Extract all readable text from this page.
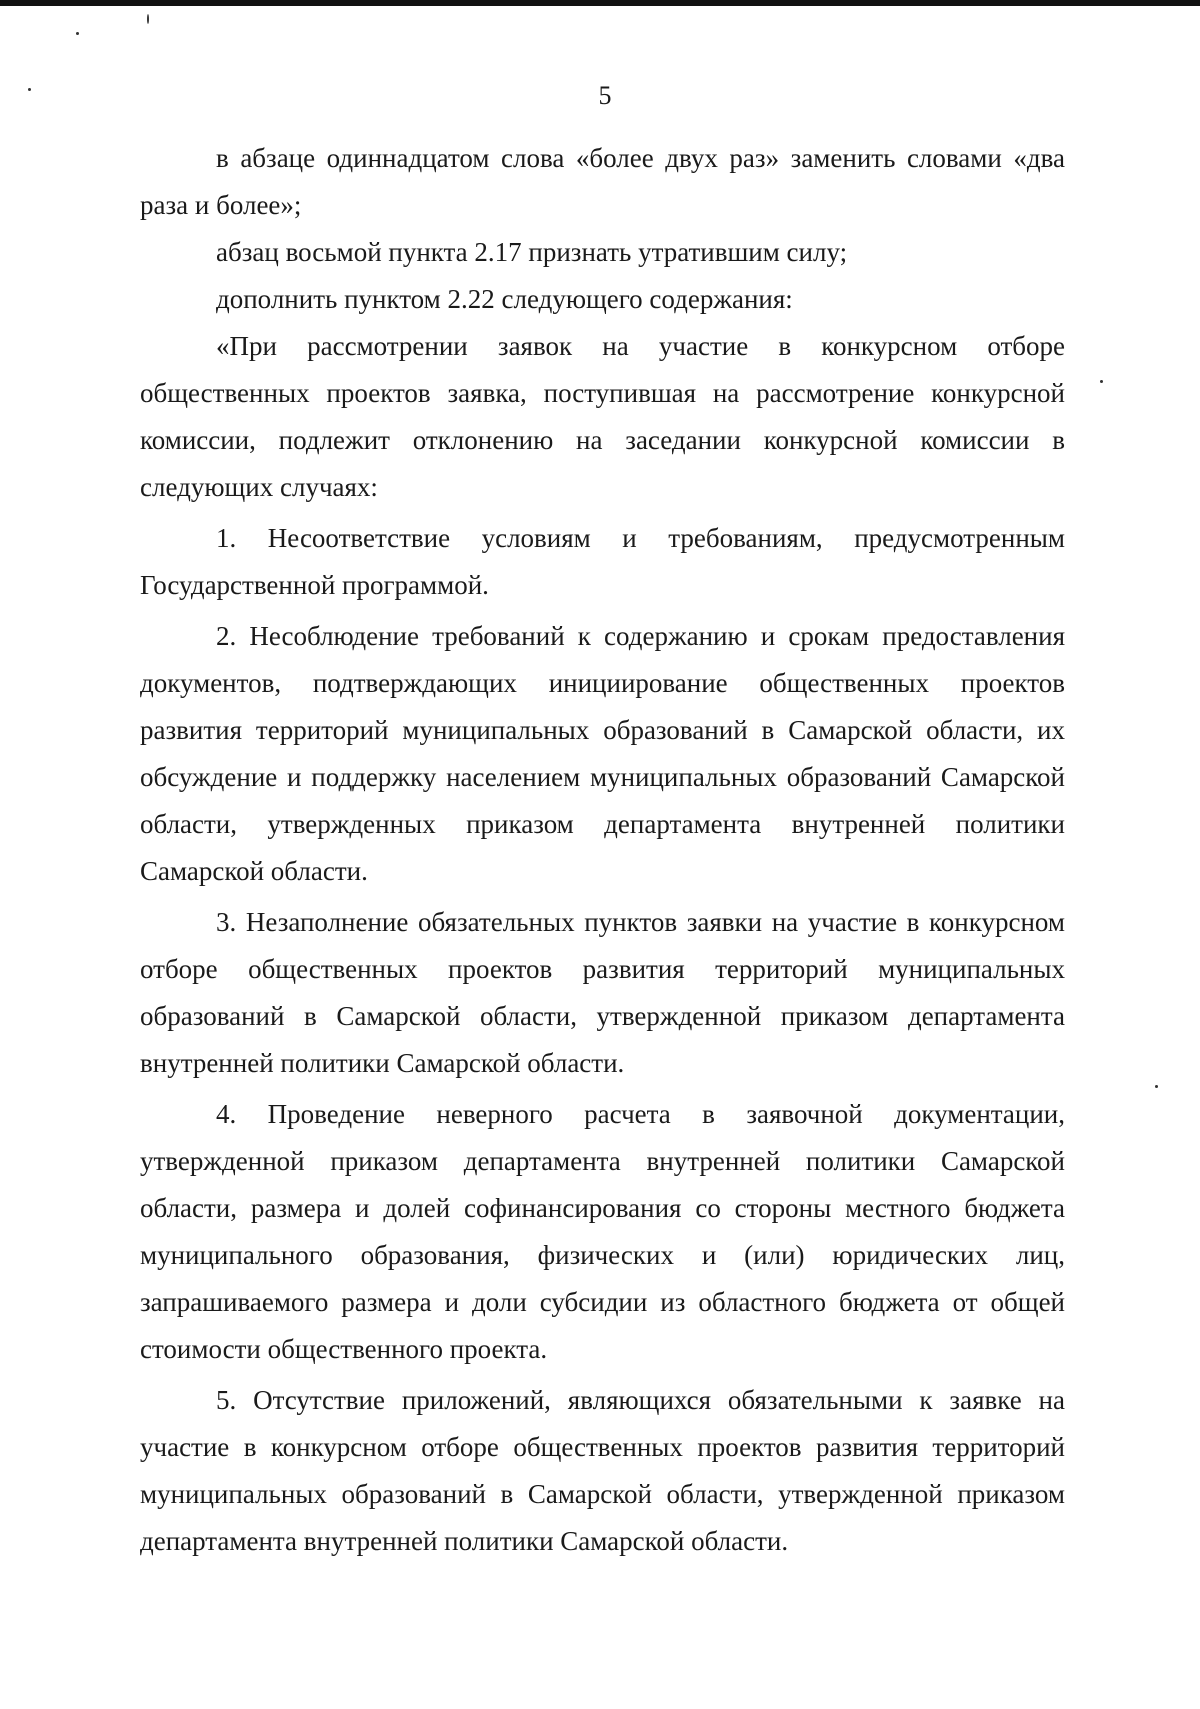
5

в абзаце одиннадцатом слова «более двух раз» заменить словами «два раза и более»;

абзац восьмой пункта 2.17 признать утратившим силу;

дополнить пунктом 2.22 следующего содержания:

«При рассмотрении заявок на участие в конкурсном отборе общественных проектов заявка, поступившая на рассмотрение конкурсной комиссии, подлежит отклонению на заседании конкурсной комиссии в следующих случаях:

1. Несоответствие условиям и требованиям, предусмотренным Государственной программой.

2. Несоблюдение требований к содержанию и срокам предоставления документов, подтверждающих инициирование общественных проектов развития территорий муниципальных образований в Самарской области, их обсуждение и поддержку населением муниципальных образований Самарской области, утвержденных приказом департамента внутренней политики Самарской области.

3. Незаполнение обязательных пунктов заявки на участие в конкурсном отборе общественных проектов развития территорий муниципальных образований в Самарской области, утвержденной приказом департамента внутренней политики Самарской области.

4. Проведение неверного расчета в заявочной документации, утвержденной приказом департамента внутренней политики Самарской области, размера и долей софинансирования со стороны местного бюджета муниципального образования, физических и (или) юридических лиц, запрашиваемого размера и доли субсидии из областного бюджета от общей стоимости общественного проекта.

5. Отсутствие приложений, являющихся обязательными к заявке на участие в конкурсном отборе общественных проектов развития территорий муниципальных образований в Самарской области, утвержденной приказом департамента внутренней политики Самарской области.
